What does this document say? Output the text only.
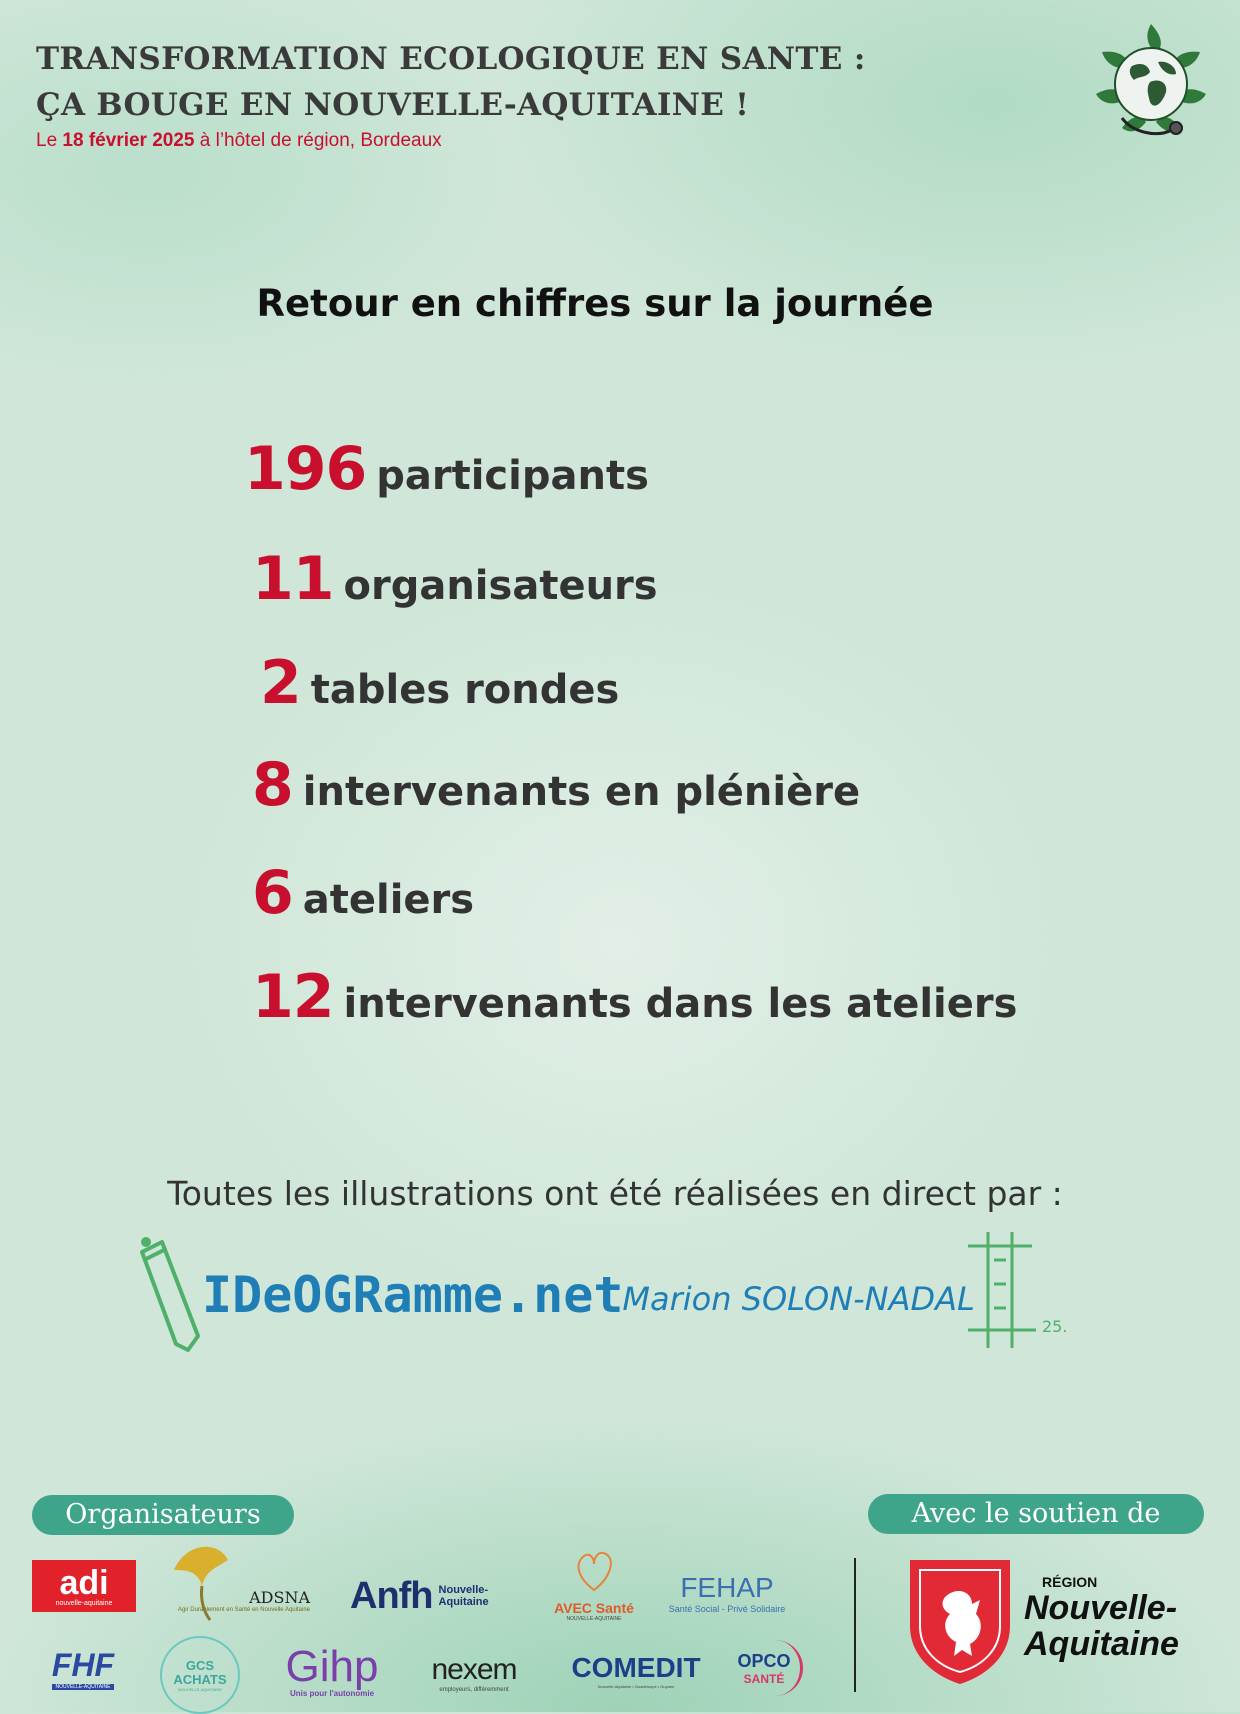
TRANSFORMATION ECOLOGIQUE EN SANTE :
ÇA BOUGE EN NOUVELLE-AQUITAINE !
Le 18 février 2025 à l’hôtel de région, Bordeaux
Retour en chiffres sur la journée
196 participants
11 organisateurs
2 tables rondes
8 intervenants en plénière
6 ateliers
12 intervenants dans les ateliers
Toutes les illustrations ont été réalisées en direct par :
IDeOGRamme.net
· Marion SOLON-NADAL
25.
Organisateurs	Avec le soutien de
adi
nouvelle-aquitaine	ADSNA
Agir Durablement en Santé en Nouvelle Aquitaine Anfh Nouvelle-Aquitaine	AVEC Santé
NOUVELLE-AQUITAINE
FEHAP
Santé Social - Privé Solidaire
FHF
NOUVELLE-AQUITAINE
GCS ACHATS
NOUVELLE-AQUITAINE Gihp
Unis pour l'autonomie
nexem
employeurs, différemment
COMEDIT
Nouvelle-Aquitaine • Guadeloupe • Guyane
OPCO
SANTÉ
RÉGION
Nouvelle-
Aquitaine
